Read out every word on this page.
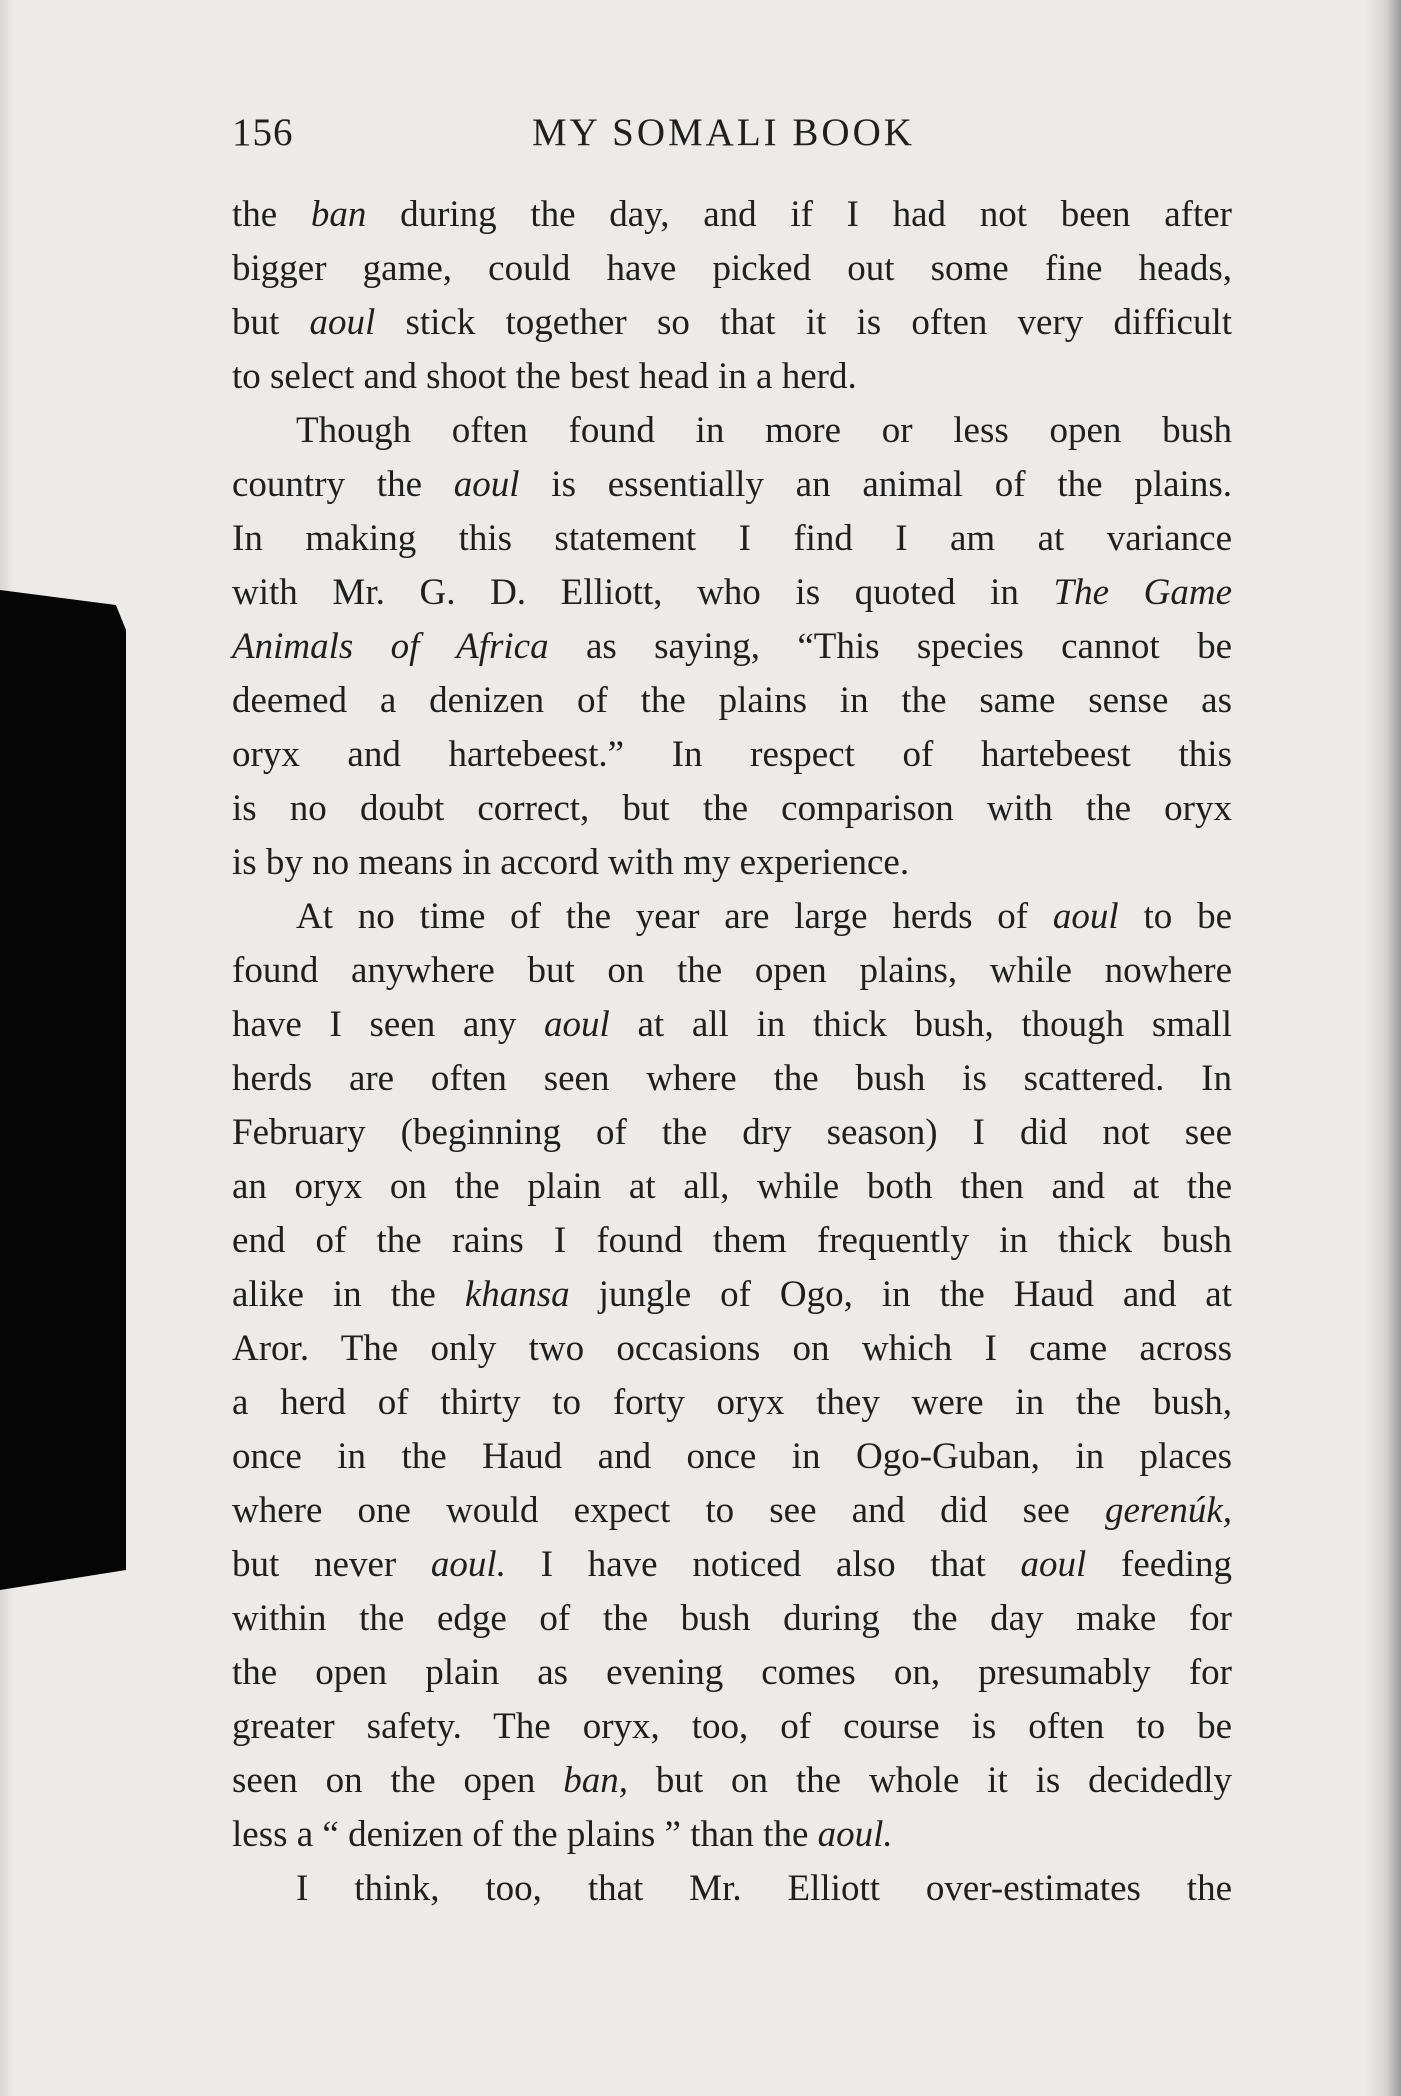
156	MY SOMALI BOOK
the ban during the day, and if I had not been after
bigger game, could have picked out some fine heads,
but aoul stick together so that it is often very difficult
to select and shoot the best head in a herd.
Though often found in more or less open bush
country the aoul is essentially an animal of the plains.
In making this statement I find I am at variance
with Mr. G. D. Elliott, who is quoted in The Game
Animals of Africa as saying, “This species cannot be
deemed a denizen of the plains in the same sense as
oryx and hartebeest.” In respect of hartebeest this
is no doubt correct, but the comparison with the oryx
is by no means in accord with my experience.
At no time of the year are large herds of aoul to be
found anywhere but on the open plains, while nowhere
have I seen any aoul at all in thick bush, though small
herds are often seen where the bush is scattered. In
February (beginning of the dry season) I did not see
an oryx on the plain at all, while both then and at the
end of the rains I found them frequently in thick bush
alike in the khansa jungle of Ogo, in the Haud and at
Aror. The only two occasions on which I came across
a herd of thirty to forty oryx they were in the bush,
once in the Haud and once in Ogo-Guban, in places
where one would expect to see and did see gerenúk,
but never aoul. I have noticed also that aoul feeding
within the edge of the bush during the day make for
the open plain as evening comes on, presumably for
greater safety. The oryx, too, of course is often to be
seen on the open ban, but on the whole it is decidedly
less a “ denizen of the plains ” than the aoul.
I think, too, that Mr. Elliott over-estimates the
